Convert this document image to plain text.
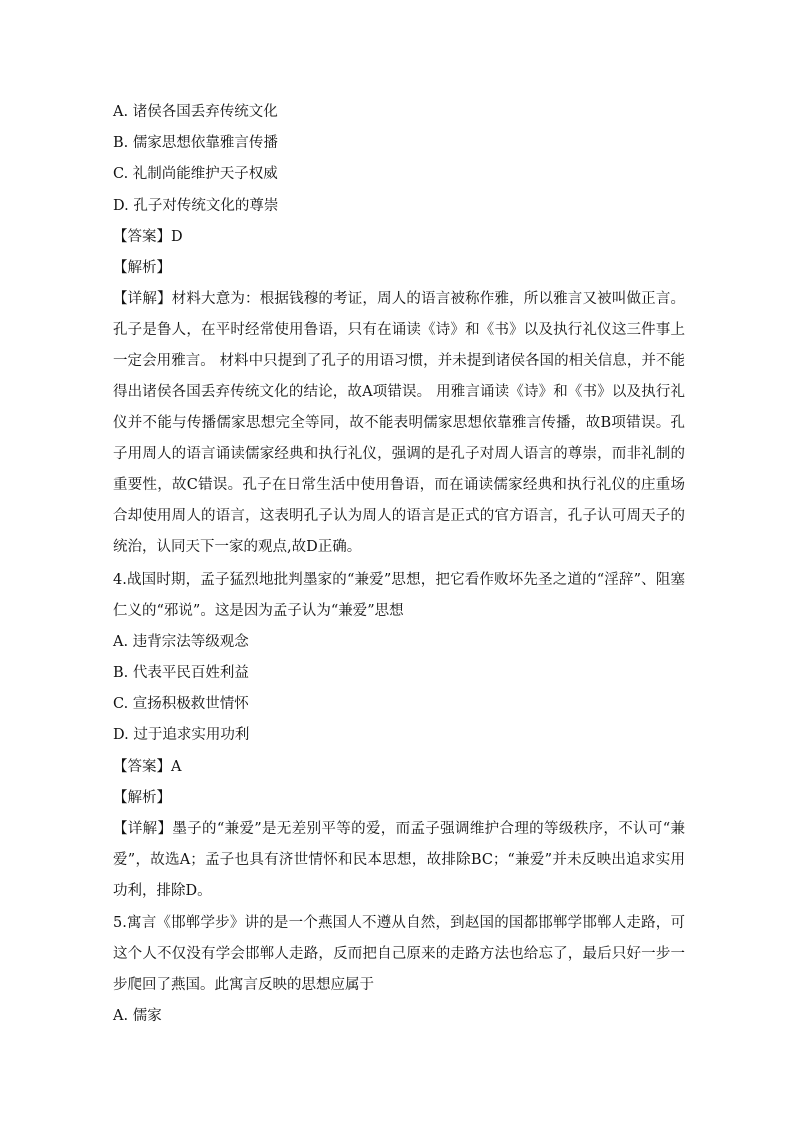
A. 诸侯各国丢弃传统文化
B. 儒家思想依靠雅言传播
C. 礼制尚能维护天子权威
D. 孔子对传统文化的尊崇
【答案】D
【解析】

【详解】材料大意为：根据钱穆的考证，周人的语言被称作雅，所以雅言又被叫做正言。孔子是鲁人，在平时经常使用鲁语，只有在诵读《诗》和《书》以及执行礼仪这三件事上一定会用雅言。 材料中只提到了孔子的用语习惯，并未提到诸侯各国的相关信息，并不能得出诸侯各国丢弃传统文化的结论，故A项错误。 用雅言诵读《诗》和《书》以及执行礼仪并不能与传播儒家思想完全等同，故不能表明儒家思想依靠雅言传播，故B项错误。孔子用周人的语言诵读儒家经典和执行礼仪，强调的是孔子对周人语言的尊崇，而非礼制的重要性，故C错误。孔子在日常生活中使用鲁语，而在诵读儒家经典和执行礼仪的庄重场合却使用周人的语言，这表明孔子认为周人的语言是正式的官方语言，孔子认可周天子的统治，认同天下一家的观点,故D正确。

4.战国时期，孟子猛烈地批判墨家的“兼爱”思想，把它看作败坏先圣之道的“淫辞”、阻塞仁义的“邪说”。这是因为孟子认为“兼爱”思想

A. 违背宗法等级观念
B. 代表平民百姓利益
C. 宣扬积极救世情怀
D. 过于追求实用功利
【答案】A
【解析】

【详解】墨子的“兼爱”是无差别平等的爱，而孟子强调维护合理的等级秩序，不认可“兼爱”，故选A；孟子也具有济世情怀和民本思想，故排除BC；“兼爱”并未反映出追求实用功利，排除D。

5.寓言《邯郸学步》讲的是一个燕国人不遵从自然，到赵国的国都邯郸学邯郸人走路，可这个人不仅没有学会邯郸人走路，反而把自己原来的走路方法也给忘了，最后只好一步一步爬回了燕国。此寓言反映的思想应属于

A. 儒家
